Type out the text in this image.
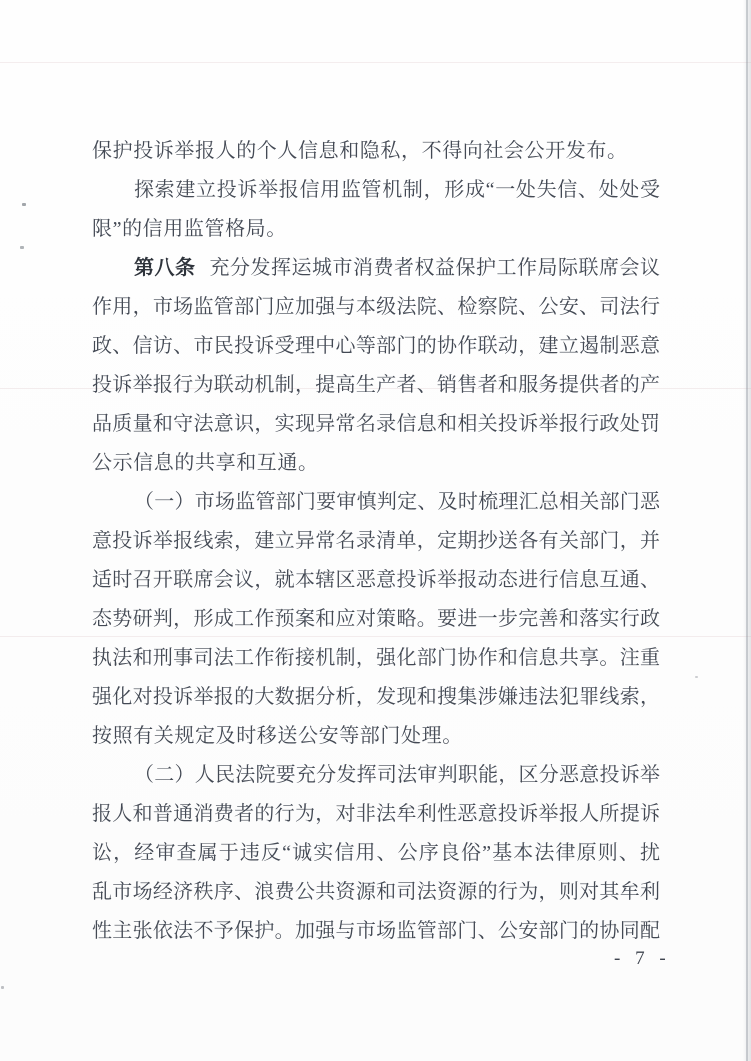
保护投诉举报人的个人信息和隐私，不得向社会公开发布。
探索建立投诉举报信用监管机制，形成“一处失信、处处受
限”的信用监管格局。
第八条 充分发挥运城市消费者权益保护工作局际联席会议
作用，市场监管部门应加强与本级法院、检察院、公安、司法行
政、信访、市民投诉受理中心等部门的协作联动，建立遏制恶意
投诉举报行为联动机制，提高生产者、销售者和服务提供者的产
品质量和守法意识，实现异常名录信息和相关投诉举报行政处罚
公示信息的共享和互通。
（一）市场监管部门要审慎判定、及时梳理汇总相关部门恶
意投诉举报线索，建立异常名录清单，定期抄送各有关部门，并
适时召开联席会议，就本辖区恶意投诉举报动态进行信息互通、
态势研判，形成工作预案和应对策略。要进一步完善和落实行政
执法和刑事司法工作衔接机制，强化部门协作和信息共享。注重
强化对投诉举报的大数据分析，发现和搜集涉嫌违法犯罪线索，
按照有关规定及时移送公安等部门处理。
（二）人民法院要充分发挥司法审判职能，区分恶意投诉举
报人和普通消费者的行为，对非法牟利性恶意投诉举报人所提诉
讼，经审查属于违反“诚实信用、公序良俗”基本法律原则、扰
乱市场经济秩序、浪费公共资源和司法资源的行为，则对其牟利
性主张依法不予保护。加强与市场监管部门、公安部门的协同配
- 7 -
